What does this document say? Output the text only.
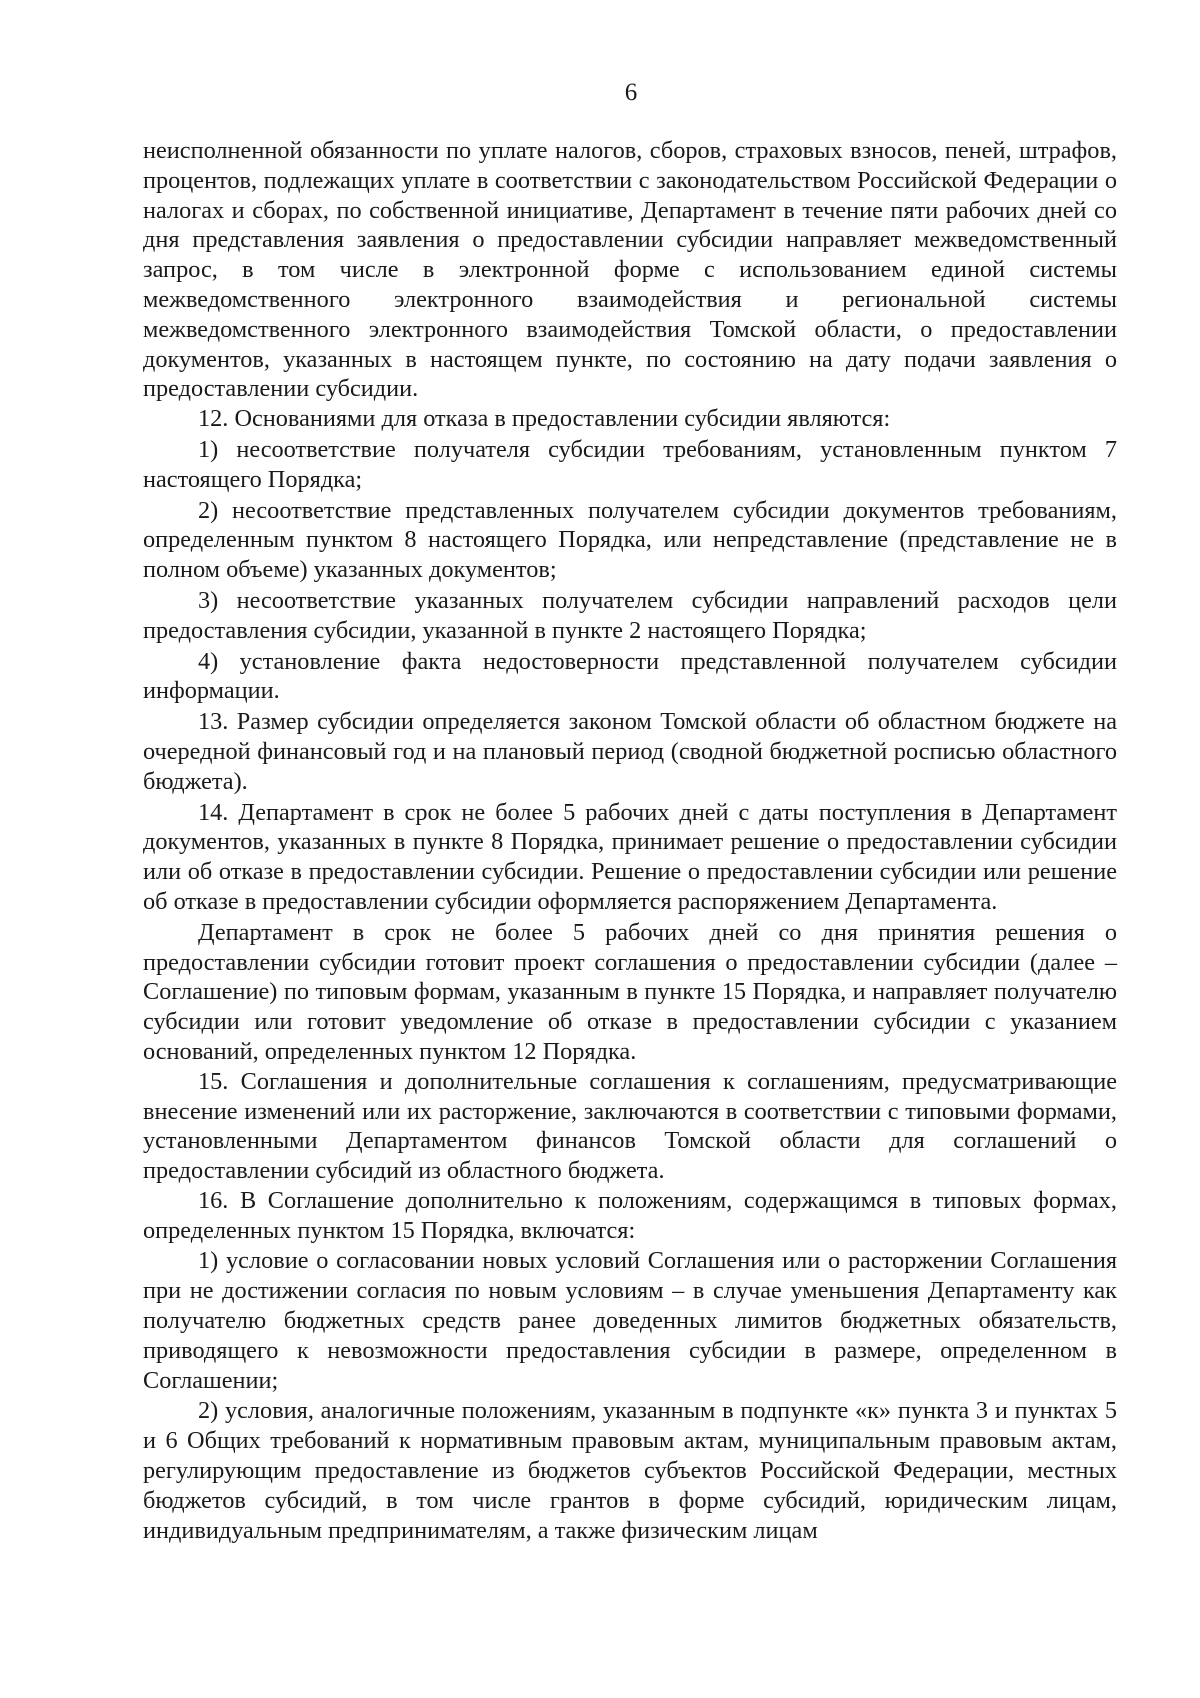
6

неисполненной обязанности по уплате налогов, сборов, страховых взносов, пеней, штрафов, процентов, подлежащих уплате в соответствии с законодательством Российской Федерации о налогах и сборах, по собственной инициативе, Департамент в течение пяти рабочих дней со дня представления заявления о предоставлении субсидии направляет межведомственный запрос, в том числе в электронной форме с использованием единой системы межведомственного электронного взаимодействия и региональной системы межведомственного электронного взаимодействия Томской области, о предоставлении документов, указанных в настоящем пункте, по состоянию на дату подачи заявления о предоставлении субсидии.

12. Основаниями для отказа в предоставлении субсидии являются:

1) несоответствие получателя субсидии требованиям, установленным пунктом 7 настоящего Порядка;

2) несоответствие представленных получателем субсидии документов требованиям, определенным пунктом 8 настоящего Порядка, или непредставление (представление не в полном объеме) указанных документов;

3) несоответствие указанных получателем субсидии направлений расходов цели предоставления субсидии, указанной в пункте 2 настоящего Порядка;

4) установление факта недостоверности представленной получателем субсидии информации.

13. Размер субсидии определяется законом Томской области об областном бюджете на очередной финансовый год и на плановый период (сводной бюджетной росписью областного бюджета).

14. Департамент в срок не более 5 рабочих дней с даты поступления в Департамент документов, указанных в пункте 8 Порядка, принимает решение о предоставлении субсидии или об отказе в предоставлении субсидии. Решение о предоставлении субсидии или решение об отказе в предоставлении субсидии оформляется распоряжением Департамента.

Департамент в срок не более 5 рабочих дней со дня принятия решения о предоставлении субсидии готовит проект соглашения о предоставлении субсидии (далее – Соглашение) по типовым формам, указанным в пункте 15 Порядка, и направляет получателю субсидии или готовит уведомление об отказе в предоставлении субсидии с указанием оснований, определенных пунктом 12 Порядка.

15. Соглашения и дополнительные соглашения к соглашениям, предусматривающие внесение изменений или их расторжение, заключаются в соответствии с типовыми формами, установленными Департаментом финансов Томской области для соглашений о предоставлении субсидий из областного бюджета.

16. В Соглашение дополнительно к положениям, содержащимся в типовых формах, определенных пунктом 15 Порядка, включатся:

1) условие о согласовании новых условий Соглашения или о расторжении Соглашения при не достижении согласия по новым условиям – в случае уменьшения Департаменту как получателю бюджетных средств ранее доведенных лимитов бюджетных обязательств, приводящего к невозможности предоставления субсидии в размере, определенном в Соглашении;

2) условия, аналогичные положениям, указанным в подпункте «к» пункта 3 и пунктах 5 и 6 Общих требований к нормативным правовым актам, муниципальным правовым актам, регулирующим предоставление из бюджетов субъектов Российской Федерации, местных бюджетов субсидий, в том числе грантов в форме субсидий, юридическим лицам, индивидуальным предпринимателям, а также физическим лицам
